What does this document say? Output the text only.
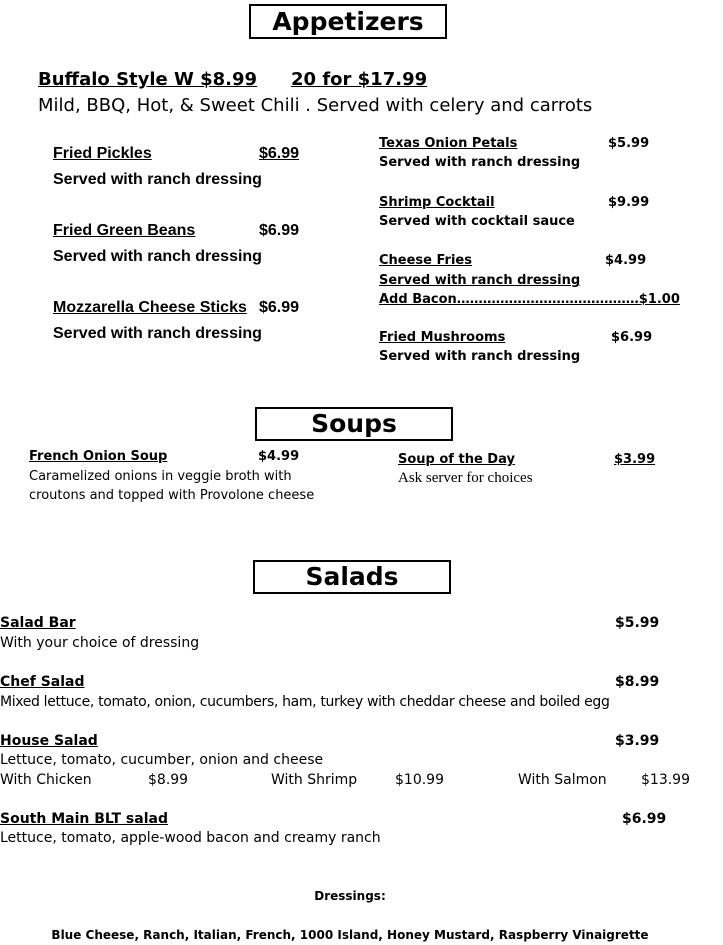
Appetizers
Buffalo Style W $8.99 20 for $17.99
Mild, BBQ, Hot, & Sweet Chili . Served with celery and carrots
Fried Pickles	$6.99
Served with ranch dressing
Fried Green Beans	$6.99
Served with ranch dressing
Mozzarella Cheese Sticks $6.99
Served with ranch dressing
Texas Onion Petals	$5.99
Served with ranch dressing
Shrimp Cocktail	$9.99
Served with cocktail sauce
Cheese Fries	$4.99
Served with ranch dressing
Add Bacon……………………………………$1.00
Fried Mushrooms	$6.99
Served with ranch dressing
Soups
French Onion Soup	$4.99
Caramelized onions in veggie broth with
croutons and topped with Provolone cheese
Soup of the Day	$3.99
Ask server for choices
Salads
Salad Bar	$5.99
With your choice of dressing
Chef Salad	$8.99
Mixed lettuce, tomato, onion, cucumbers, ham, turkey with cheddar cheese and boiled egg
House Salad	$3.99
Lettuce, tomato, cucumber, onion and cheese
With Chicken	$8.99	With Shrimp	$10.99	With Salmon $13.99
South Main BLT salad	$6.99
Lettuce, tomato, apple-wood bacon and creamy ranch
Dressings:
Blue Cheese, Ranch, Italian, French, 1000 Island, Honey Mustard, Raspberry Vinaigrette
